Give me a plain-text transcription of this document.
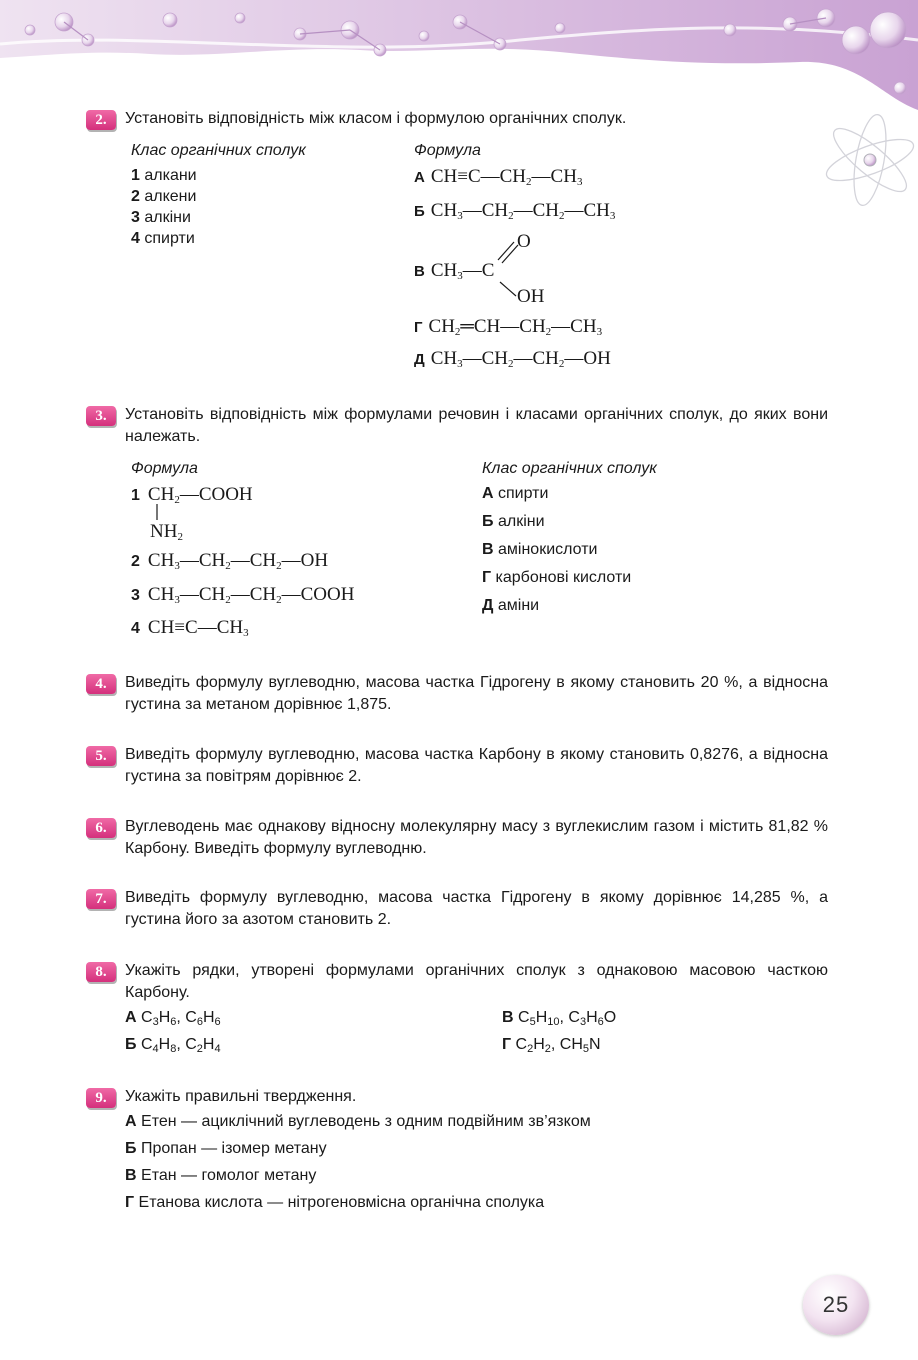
2.	Установіть відповідність між класом і формулою органічних сполук.

Клас органічних сполук	Формула
1 алкани
2 алкени
3 алкіни
4 спирти
А $CH\equiv C—CH_2—CH_3$
Б $CH_3—CH_2—CH_2—CH_3$
В $CH_3—C$
O
OH
Г $CH_2═CH—CH_2—CH_3$
Д $CH_3—CH_2—CH_2—OH$
3.	Установіть відповідність між формулами речовин і класами органічних сполук, до яких вони належать.

Формула	Клас органічних сполук
1 $CH_2—COOH$
$NH_2$
2 $CH_3—CH_2—CH_2—OH$
3 $CH_3—CH_2—CH_2—COOH$
4 $CH\equiv C—CH_3$
А спирти
Б алкіни
В амінокислоти
Г карбонові кислоти
Д аміни
4.	Виведіть формулу вуглеводню, масова частка Гідрогену в якому становить 20 %, а відносна густина за метаном дорівнює 1,875.

5.	Виведіть формулу вуглеводню, масова частка Карбону в якому становить 0,8276, а відносна густина за повітрям дорівнює 2.

6.	Вуглеводень має однакову відносну молекулярну масу з вуглекислим газом і містить 81,82 % Карбону. Виведіть формулу вуглеводню.

7.	Виведіть формулу вуглеводню, масова частка Гідрогену в якому дорівнює 14,285 %, а густина його за азотом становить 2.

8.	Укажіть рядки, утворені формулами органічних сполук з однаковою масовою часткою Карбону.

А $C_3H_6$, $C_6H_6$
Б $C_4H_8$, $C_2H_4$
В $C_5H_{10}$, $C_3H_6O$
Г $C_2H_2$, $CH_5N$
9.	Укажіть правильні твердження.

А Етен — ациклічний вуглеводень з одним подвійним зв’язком
Б Пропан — ізомер метану
В Етан — гомолог метану
Г Етанова кислота — нітрогеновмісна органічна сполука
25
